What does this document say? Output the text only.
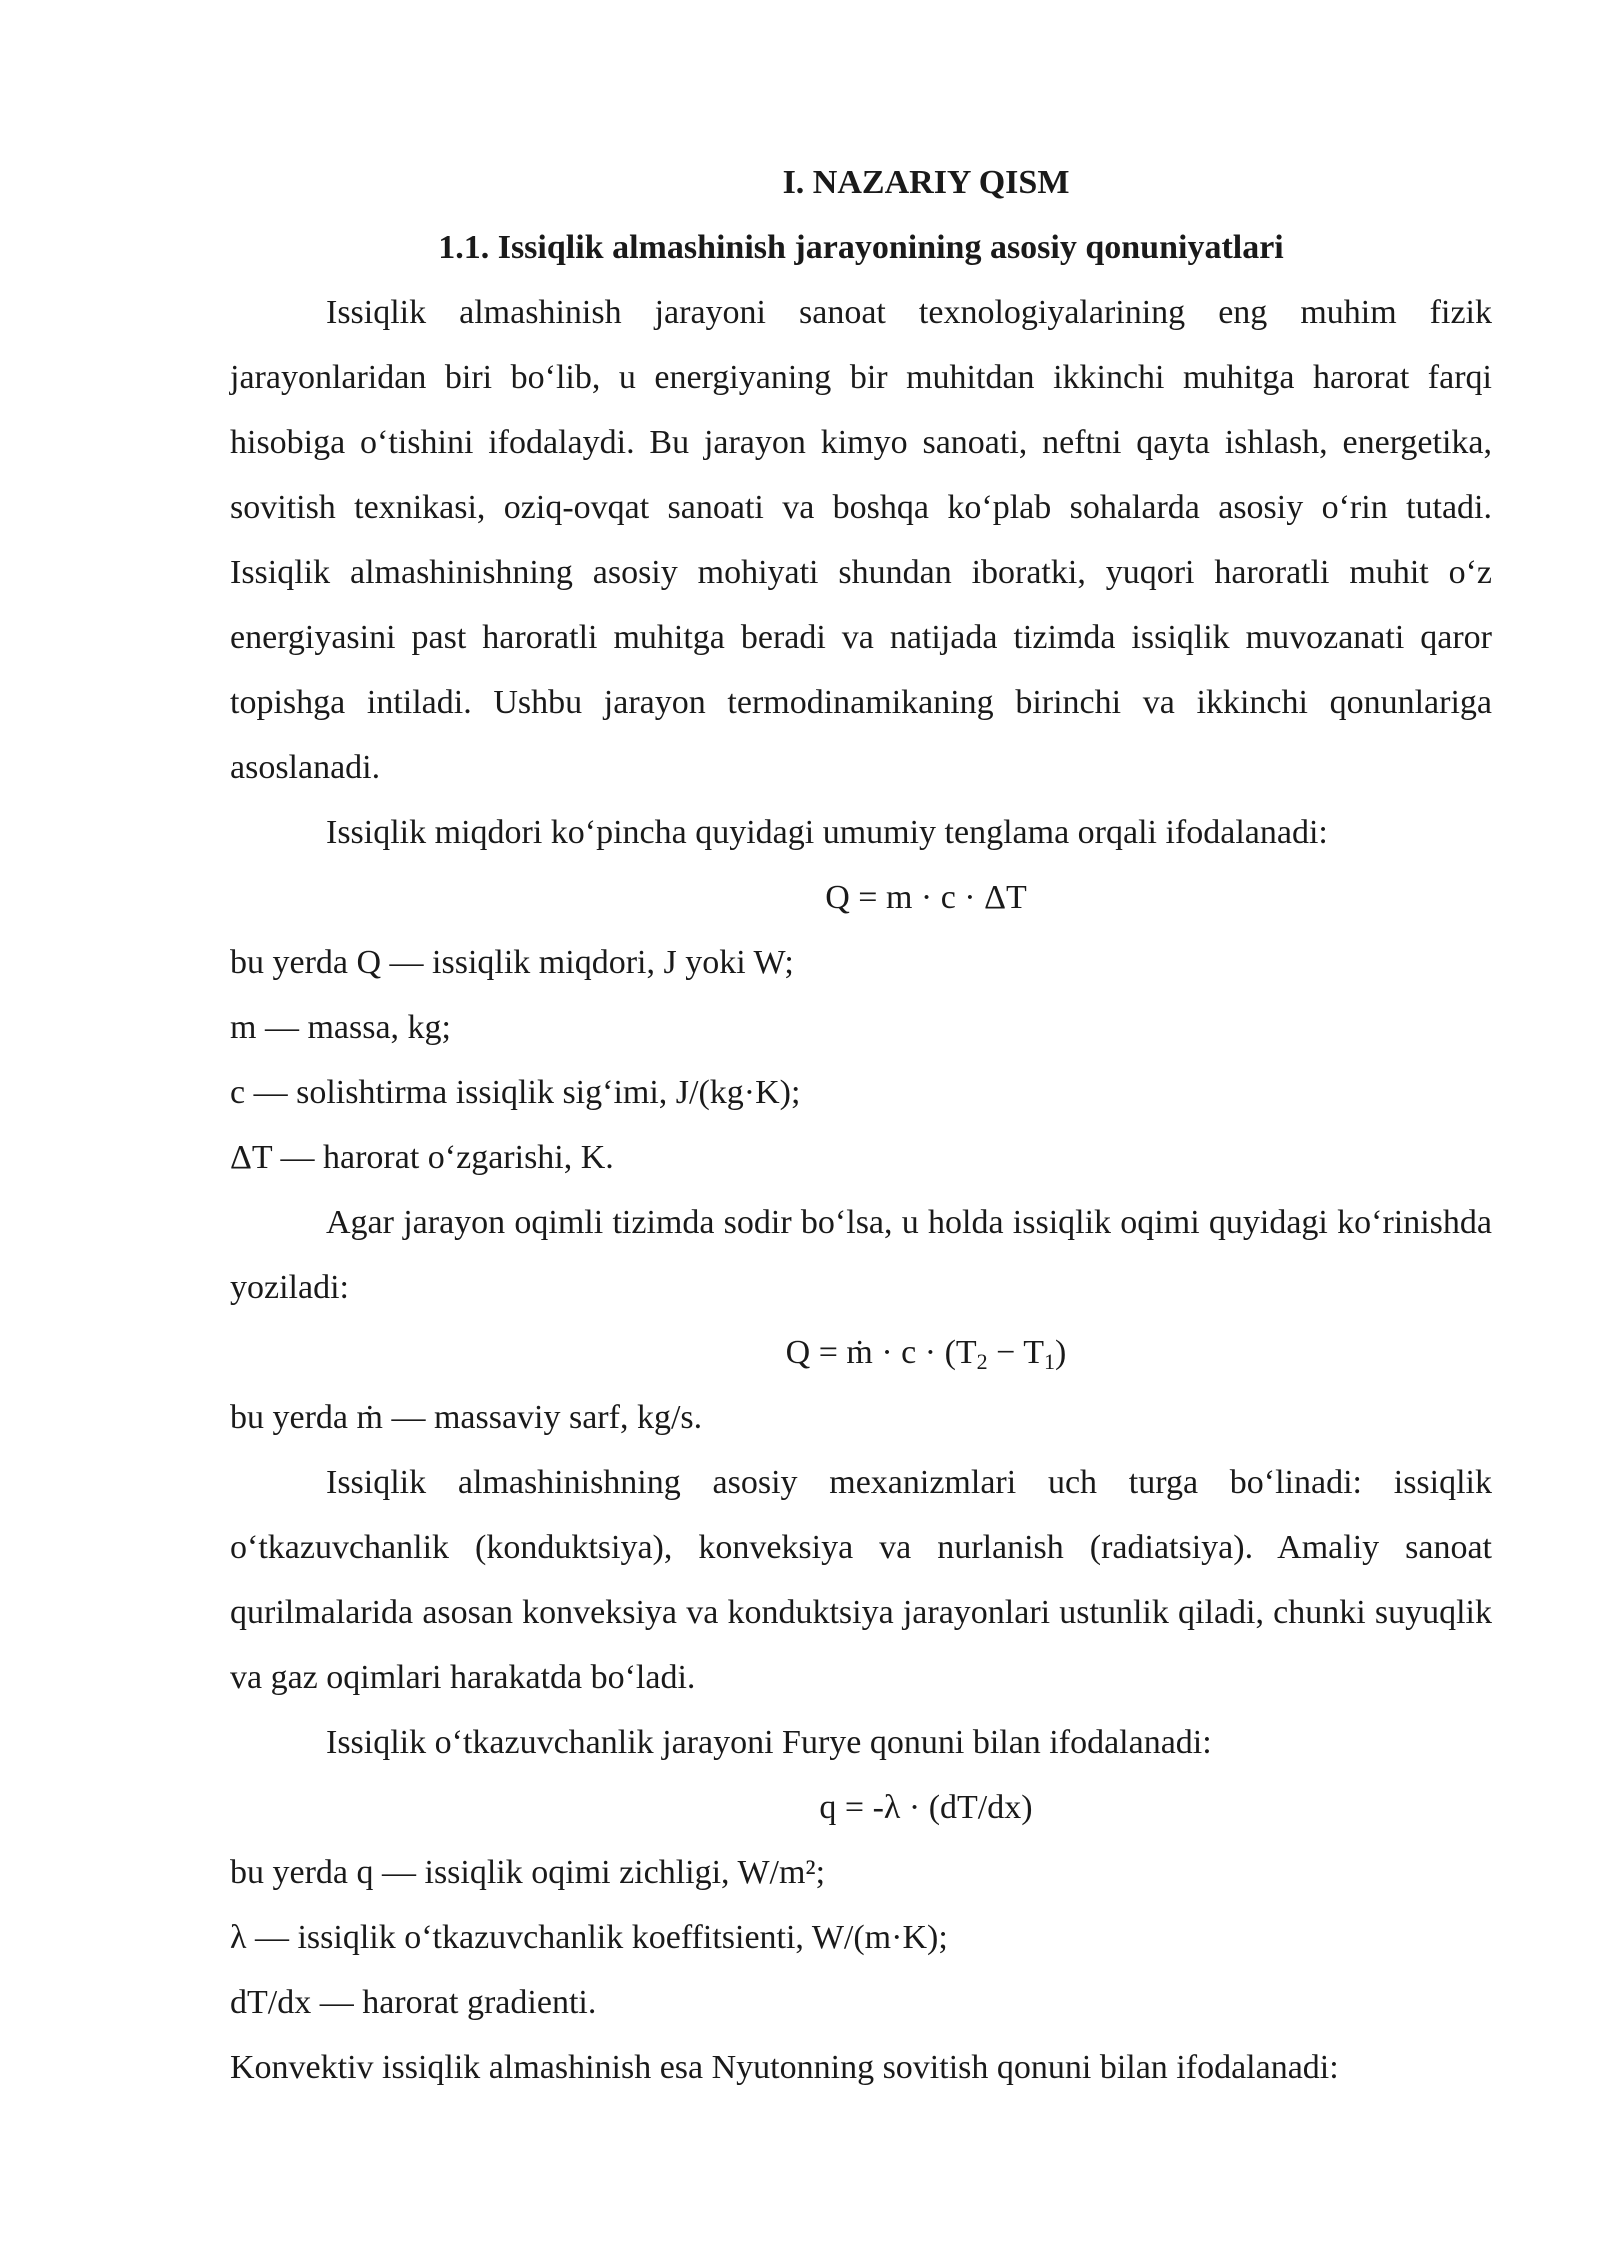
I. NAZARIY QISM

1.1. Issiqlik almashinish jarayonining asosiy qonuniyatlari

Issiqlik almashinish jarayoni sanoat texnologiyalarining eng muhim fizik jarayonlaridan biri bo‘lib, u energiyaning bir muhitdan ikkinchi muhitga harorat farqi hisobiga o‘tishini ifodalaydi. Bu jarayon kimyo sanoati, neftni qayta ishlash, energetika, sovitish texnikasi, oziq-ovqat sanoati va boshqa ko‘plab sohalarda asosiy o‘rin tutadi. Issiqlik almashinishning asosiy mohiyati shundan iboratki, yuqori haroratli muhit o‘z energiyasini past haroratli muhitga beradi va natijada tizimda issiqlik muvozanati qaror topishga intiladi. Ushbu jarayon termodinamikaning birinchi va ikkinchi qonunlariga asoslanadi.

Issiqlik miqdori ko‘pincha quyidagi umumiy tenglama orqali ifodalanadi:

Q = m · c · ΔT

bu yerda Q — issiqlik miqdori, J yoki W;

m — massa, kg;

c — solishtirma issiqlik sig‘imi, J/(kg·K);

ΔT — harorat o‘zgarishi, K.

Agar jarayon oqimli tizimda sodir bo‘lsa, u holda issiqlik oqimi quyidagi ko‘rinishda yoziladi:

Q = ṁ · $c \cdot (T_2 - T_1)$

bu yerda ṁ — massaviy sarf, kg/s.

Issiqlik almashinishning asosiy mexanizmlari uch turga bo‘linadi: issiqlik o‘tkazuvchanlik (konduktsiya), konveksiya va nurlanish (radiatsiya). Amaliy sanoat qurilmalarida asosan konveksiya va konduktsiya jarayonlari ustunlik qiladi, chunki suyuqlik va gaz oqimlari harakatda bo‘ladi.

Issiqlik o‘tkazuvchanlik jarayoni Furye qonuni bilan ifodalanadi:

q = -λ · (dT/dx)

bu yerda q — issiqlik oqimi zichligi, W/m²;

λ — issiqlik o‘tkazuvchanlik koeffitsienti, W/(m·K);

dT/dx — harorat gradienti.

Konvektiv issiqlik almashinish esa Nyutonning sovitish qonuni bilan ifodalanadi:
